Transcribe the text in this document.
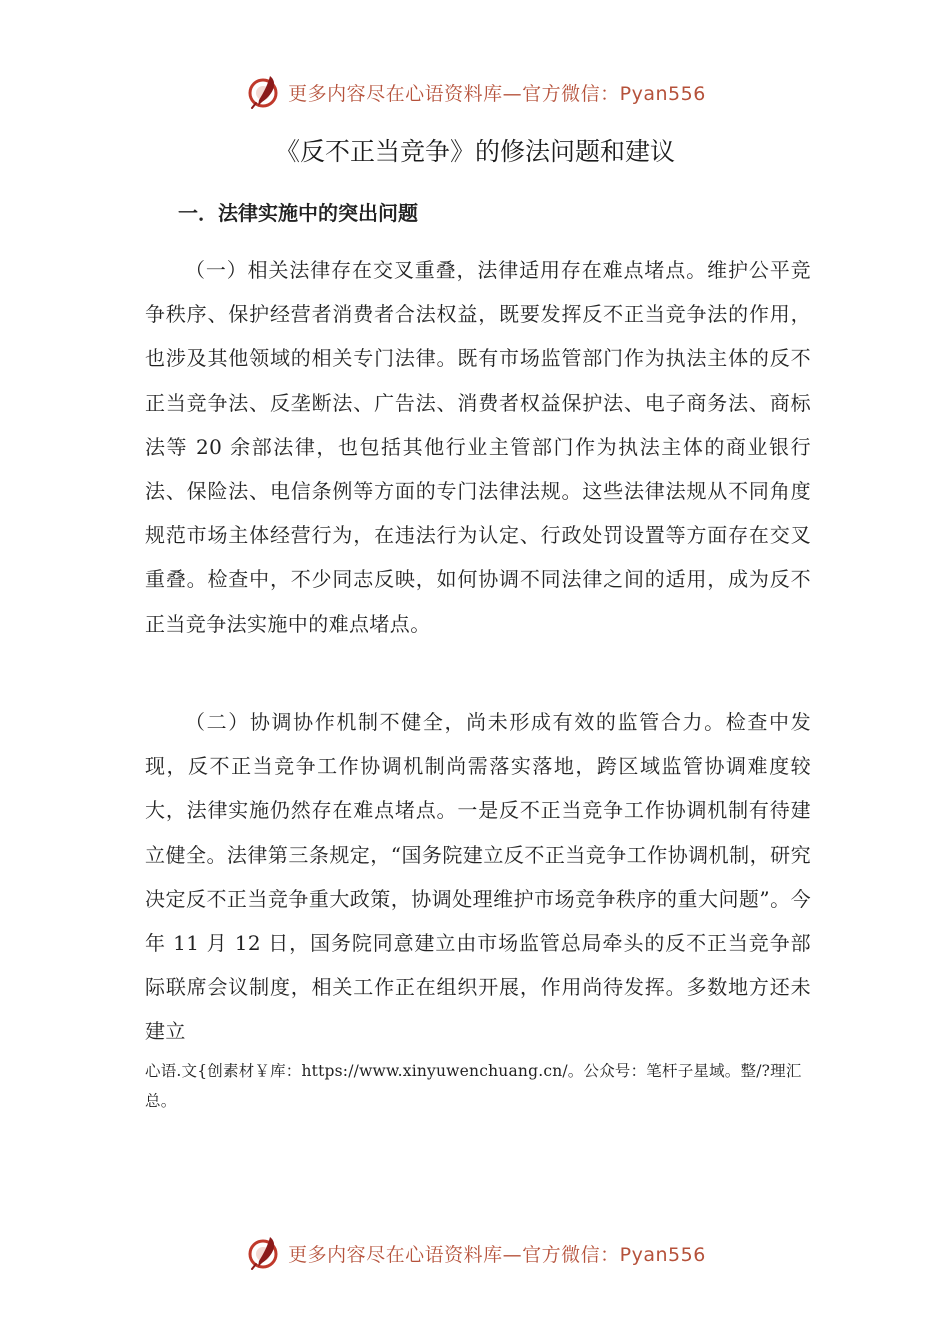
更多内容尽在心语资料库—官方微信：Pyan556
《反不正当竞争》的修法问题和建议
一．法律实施中的突出问题

（一）相关法律存在交叉重叠，法律适用存在难点堵点。维护公平竞争秩序、保护经营者消费者合法权益，既要发挥反不正当竞争法的作用，也涉及其他领域的相关专门法律。既有市场监管部门作为执法主体的反不正当竞争法、反垄断法、广告法、消费者权益保护法、电子商务法、商标法等 20 余部法律，也包括其他行业主管部门作为执法主体的商业银行法、保险法、电信条例等方面的专门法律法规。这些法律法规从不同角度规范市场主体经营行为，在违法行为认定、行政处罚设置等方面存在交叉重叠。检查中，不少同志反映，如何协调不同法律之间的适用，成为反不正当竞争法实施中的难点堵点。

（二）协调协作机制不健全，尚未形成有效的监管合力。检查中发现，反不正当竞争工作协调机制尚需落实落地，跨区域监管协调难度较大，法律实施仍然存在难点堵点。一是反不正当竞争工作协调机制有待建立健全。法律第三条规定，“国务院建立反不正当竞争工作协调机制，研究决定反不正当竞争重大政策，协调处理维护市场竞争秩序的重大问题”。今年 11 月 12 日，国务院同意建立由市场监管总局牵头的反不正当竞争部际联席会议制度，相关工作正在组织开展，作用尚待发挥。多数地方还未建立

心语.文{创素材￥库：https://www.xinyuwenchuang.cn/。公众号：笔杆子星域。整/?理汇总。

更多内容尽在心语资料库—官方微信：Pyan556
